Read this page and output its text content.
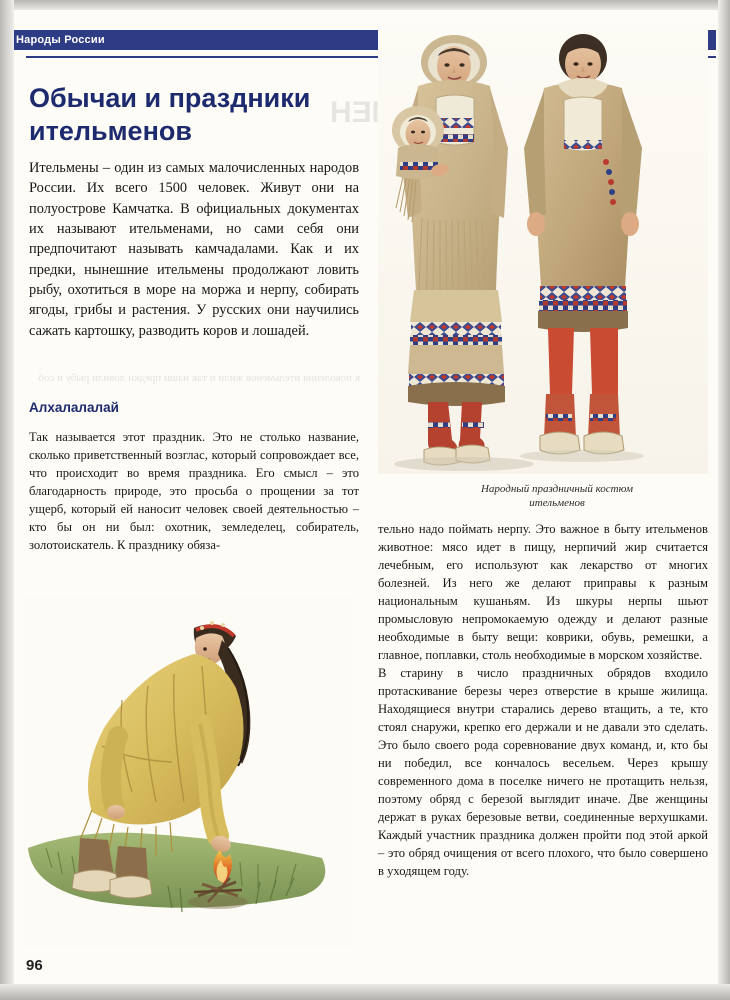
Народы России
Обычаи и праздники ительменов
Ительмены – один из самых малочисленных народов России. Их всего 1500 человек. Живут они на полуострове Камчатка. В официальных документах их называют ительменами, но сами себя они предпочитают называть камчадалами. Как и их предки, нынешние ительмены продолжают ловить рыбу, охотиться в море на моржа и нерпу, собирать ягоды, грибы и растения. У русских они научились сажать картошку, разводить коров и лошадей.
Алхалалалай
Так называется этот праздник. Это не столько название, сколько приветственный возглас, который сопровождает все, что происходит во время праздника. Его смысл – это благодарность природе, это просьба о прощении за тот ущерб, который ей наносит человек своей деятельностью – кто бы он ни был: охотник, земледелец, собиратель, золотоискатель. К празднику обяза-

тельно надо поймать нерпу. Это важное в быту ительменов животное: мясо идет в пищу, нерпичий жир считается лечебным, его используют как лекарство от многих болезней. Из него же делают приправы к разным национальным кушаньям. Из шкуры нерпы шьют промысловую непромокаемую одежду и делают разные необходимые в быту вещи: коврики, обувь, ремешки, а главное, поплавки, столь необходимые в морском хозяйстве.

В старину в число праздничных обрядов входило протаскивание березы через отверстие в крыше жилища. Находящиеся внутри старались дерево втащить, а те, кто стоял снаружи, крепко его держали и не давали это сделать. Это было своего рода соревнование двух команд, и, кто бы ни победил, все кончалось весельем. Через крышу современного дома в поселке ничего не протащить нельзя, поэтому обряд с березой выглядит иначе. Две женщины держат в руках березовые ветви, соединенные верхушками. Каждый участник праздника должен пройти под этой аркой – это обряд очищения от всего плохого, что было совершено в уходящем году.

Народный праздничный костюм ительменов
96
